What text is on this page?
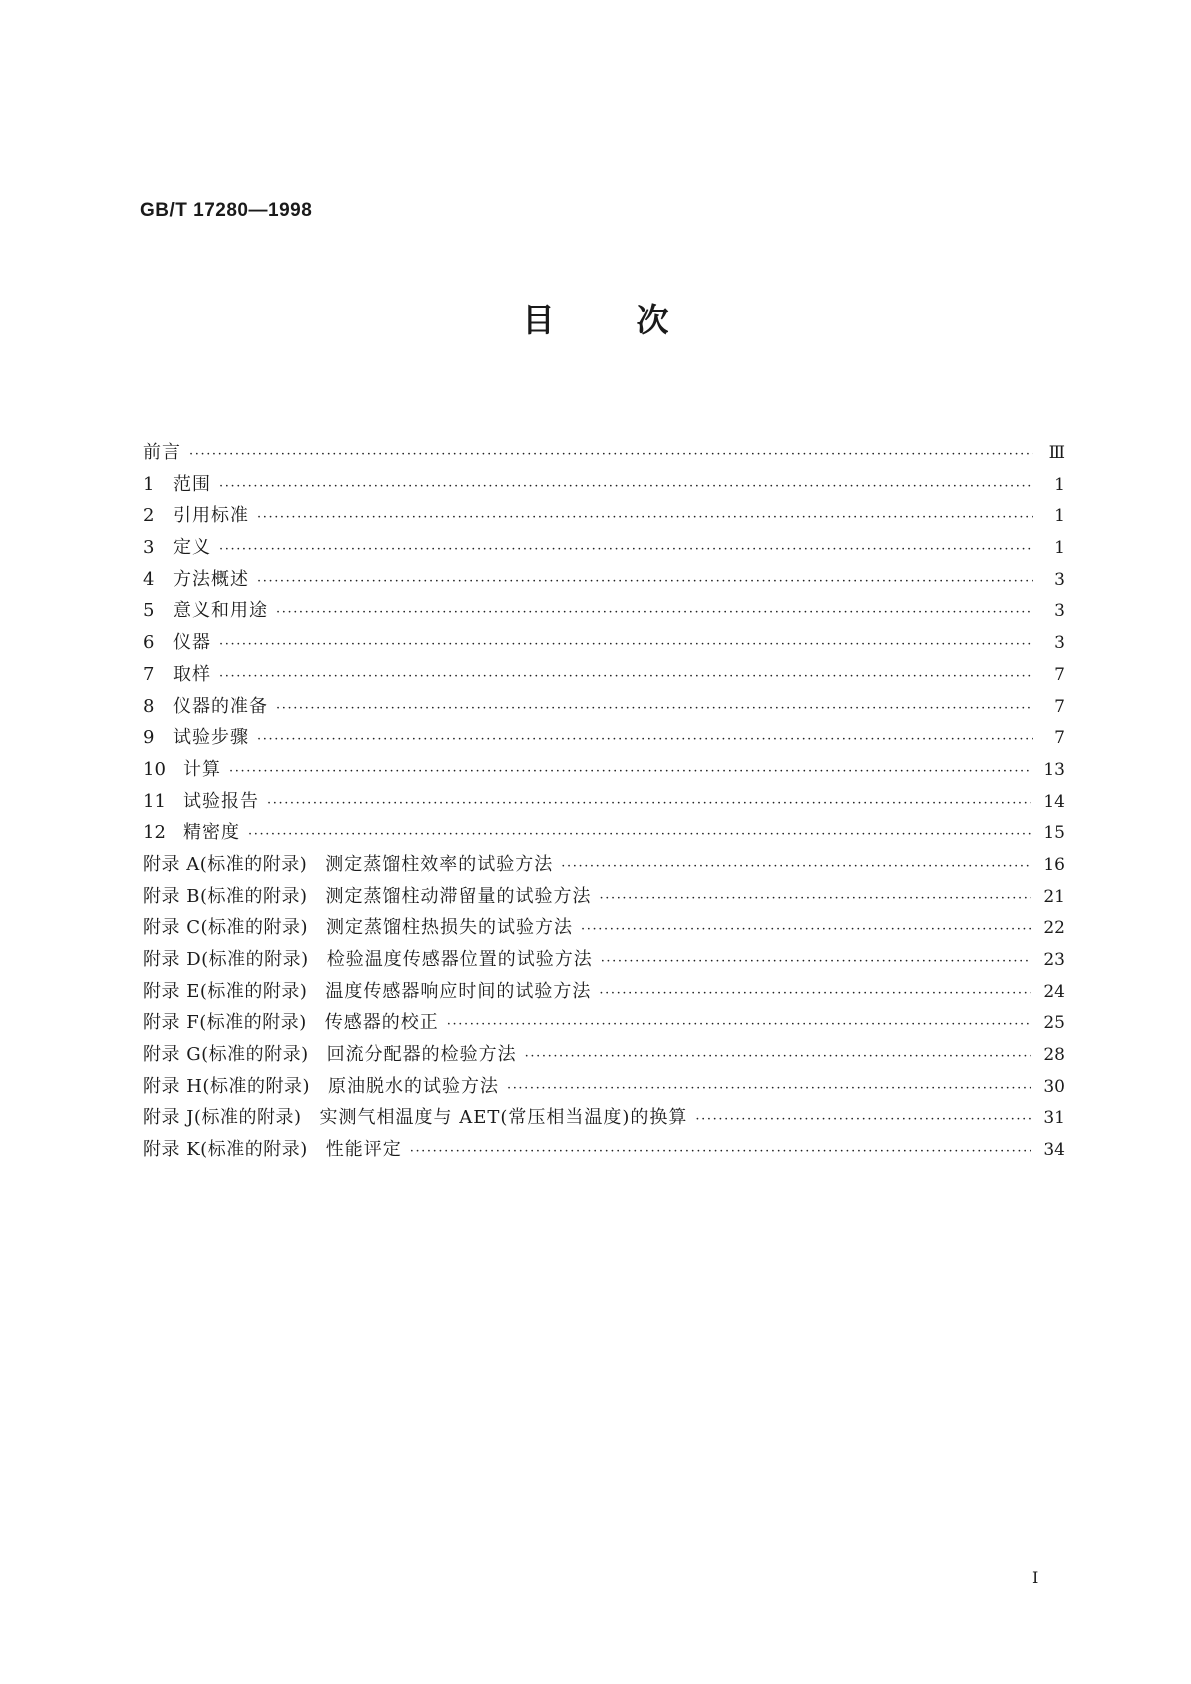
GB/T 17280—1998
目次
前言 ·····	Ⅲ
1	范围 ·····	1
2	引用标准 ·····	1
3	定义 ·····	1
4	方法概述 ·····	3
5	意义和用途 ·····	3
6	仪器 ·····	3
7	取样 ·····	7
8	仪器的准备 ·····	7
9	试验步骤 ·····	7
10 计算 ·····	13
11 试验报告 ·····	14
12 精密度 ·····	15
附录 A(标准的附录) 测定蒸馏柱效率的试验方法 ·····	16
附录 B(标准的附录) 测定蒸馏柱动滞留量的试验方法 ·····	21
附录 C(标准的附录) 测定蒸馏柱热损失的试验方法 ·····	22
附录 D(标准的附录) 检验温度传感器位置的试验方法 ·····	23
附录 E(标准的附录) 温度传感器响应时间的试验方法 ·····	24
附录 F(标准的附录) 传感器的校正 ·····	25
附录 G(标准的附录) 回流分配器的检验方法 ·····	28
附录 H(标准的附录) 原油脱水的试验方法 ·····	30
附录 J(标准的附录) 实测气相温度与 AET(常压相当温度)的换算 ·····	31
附录 K(标准的附录) 性能评定 ·····	34
Ⅰ
